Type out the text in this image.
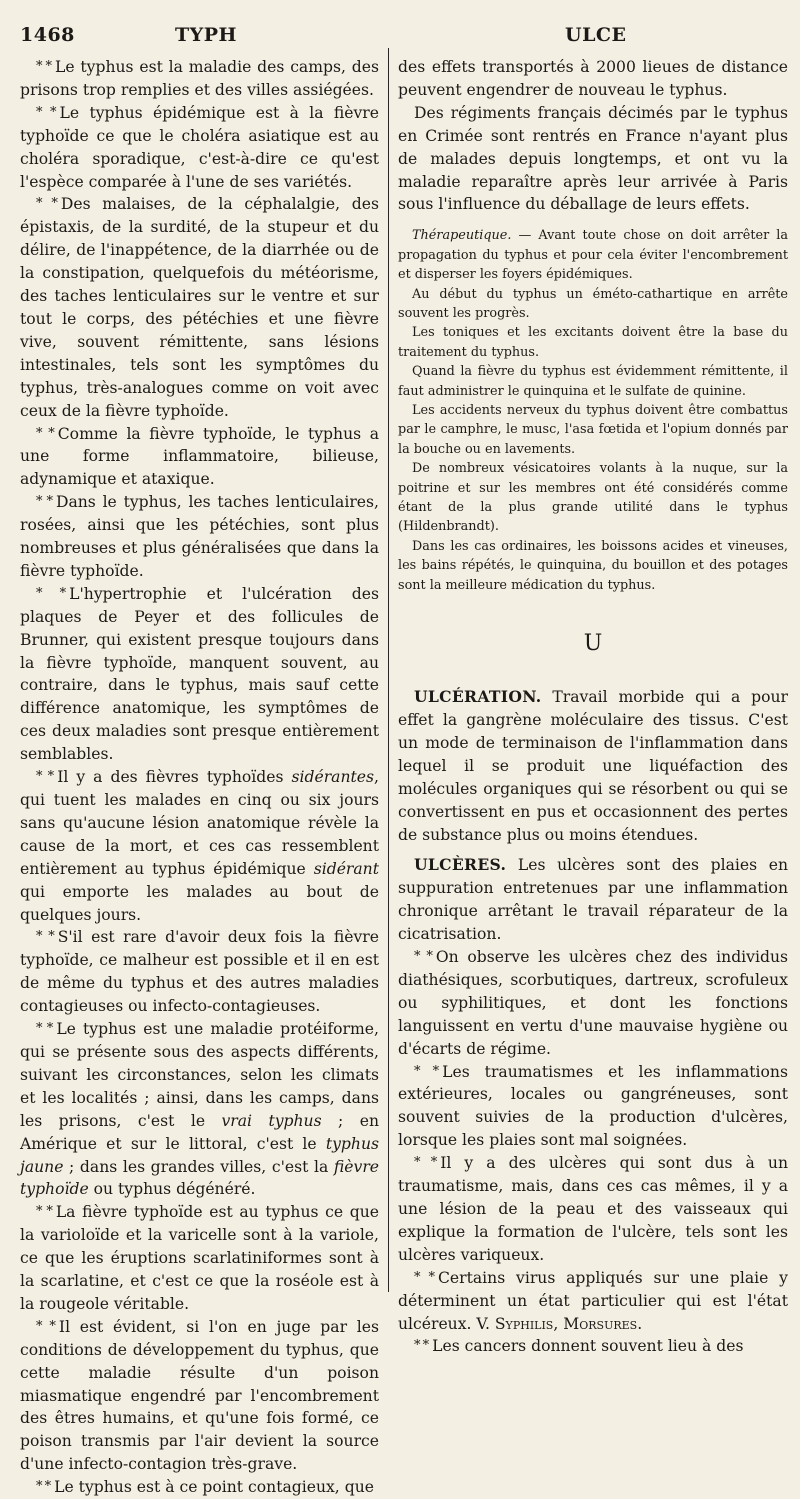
1468	TYPH	ULCE

* * Le typhus est la maladie des camps, des prisons trop remplies et des villes assiégées.

* * Le typhus épidémique est à la fièvre typhoïde ce que le choléra asiatique est au choléra sporadique, c'est-à-dire ce qu'est l'espèce comparée à l'une de ses variétés.

* * Des malaises, de la céphalalgie, des épistaxis, de la surdité, de la stupeur et du délire, de l'inappétence, de la diarrhée ou de la constipation, quelquefois du météorisme, des taches lenticulaires sur le ventre et sur tout le corps, des pétéchies et une fièvre vive, souvent rémittente, sans lésions intestinales, tels sont les symptômes du typhus, très-analogues comme on voit avec ceux de la fièvre typhoïde.

* * Comme la fièvre typhoïde, le typhus a une forme inflammatoire, bilieuse, adynamique et ataxique.

* * Dans le typhus, les taches lenticulaires, rosées, ainsi que les pétéchies, sont plus nombreuses et plus généralisées que dans la fièvre typhoïde.

* * L'hypertrophie et l'ulcération des plaques de Peyer et des follicules de Brunner, qui existent presque toujours dans la fièvre typhoïde, manquent souvent, au contraire, dans le typhus, mais sauf cette différence anatomique, les symptômes de ces deux maladies sont presque entièrement semblables.

* * Il y a des fièvres typhoïdes sidérantes, qui tuent les malades en cinq ou six jours sans qu'aucune lésion anatomique révèle la cause de la mort, et ces cas ressemblent entièrement au typhus épidémique sidérant qui emporte les malades au bout de quelques jours.

* * S'il est rare d'avoir deux fois la fièvre typhoïde, ce malheur est possible et il en est de même du typhus et des autres maladies contagieuses ou infecto-contagieuses.

* * Le typhus est une maladie protéiforme, qui se présente sous des aspects différents, suivant les circonstances, selon les climats et les localités ; ainsi, dans les camps, dans les prisons, c'est le vrai typhus ; en Amérique et sur le littoral, c'est le typhus jaune ; dans les grandes villes, c'est la fièvre typhoïde ou typhus dégénéré.

* * La fièvre typhoïde est au typhus ce que la varioloïde et la varicelle sont à la variole, ce que les éruptions scarlatiniformes sont à la scarlatine, et c'est ce que la roséole est à la rougeole véritable.

* * Il est évident, si l'on en juge par les conditions de développement du typhus, que cette maladie résulte d'un poison miasmatique engendré par l'encombrement des êtres humains, et qu'une fois formé, ce poison transmis par l'air devient la source d'une infecto-contagion très-grave.

* * Le typhus est à ce point contagieux, que

des effets transportés à 2000 lieues de distance peuvent engendrer de nouveau le typhus.

Des régiments français décimés par le typhus en Crimée sont rentrés en France n'ayant plus de malades depuis longtemps, et ont vu la maladie reparaître après leur arrivée à Paris sous l'influence du déballage de leurs effets.

Thérapeutique. — Avant toute chose on doit arrêter la propagation du typhus et pour cela éviter l'encombrement et disperser les foyers épidémiques.

Au début du typhus un éméto-cathartique en arrête souvent les progrès.

Les toniques et les excitants doivent être la base du traitement du typhus.

Quand la fièvre du typhus est évidemment rémittente, il faut administrer le quinquina et le sulfate de quinine.

Les accidents nerveux du typhus doivent être combattus par le camphre, le musc, l'asa fœtida et l'opium donnés par la bouche ou en lavements.

De nombreux vésicatoires volants à la nuque, sur la poitrine et sur les membres ont été considérés comme étant de la plus grande utilité dans le typhus (Hildenbrandt).

Dans les cas ordinaires, les boissons acides et vineuses, les bains répétés, le quinquina, du bouillon et des potages sont la meilleure médication du typhus.

U

ULCÉRATION. Travail morbide qui a pour effet la gangrène moléculaire des tissus. C'est un mode de terminaison de l'inflammation dans lequel il se produit une liquéfaction des molécules organiques qui se résorbent ou qui se convertissent en pus et occasionnent des pertes de substance plus ou moins étendues.

ULCÈRES. Les ulcères sont des plaies en suppuration entretenues par une inflammation chronique arrêtant le travail réparateur de la cicatrisation.

* * On observe les ulcères chez des individus diathésiques, scorbutiques, dartreux, scrofuleux ou syphilitiques, et dont les fonctions languissent en vertu d'une mauvaise hygiène ou d'écarts de régime.

* * Les traumatismes et les inflammations extérieures, locales ou gangréneuses, sont souvent suivies de la production d'ulcères, lorsque les plaies sont mal soignées.

* * Il y a des ulcères qui sont dus à un traumatisme, mais, dans ces cas mêmes, il y a une lésion de la peau et des vaisseaux qui explique la formation de l'ulcère, tels sont les ulcères variqueux.

* * Certains virus appliqués sur une plaie y déterminent un état particulier qui est l'état ulcéreux. V. Syphilis, Morsures.

* * Les cancers donnent souvent lieu à des
